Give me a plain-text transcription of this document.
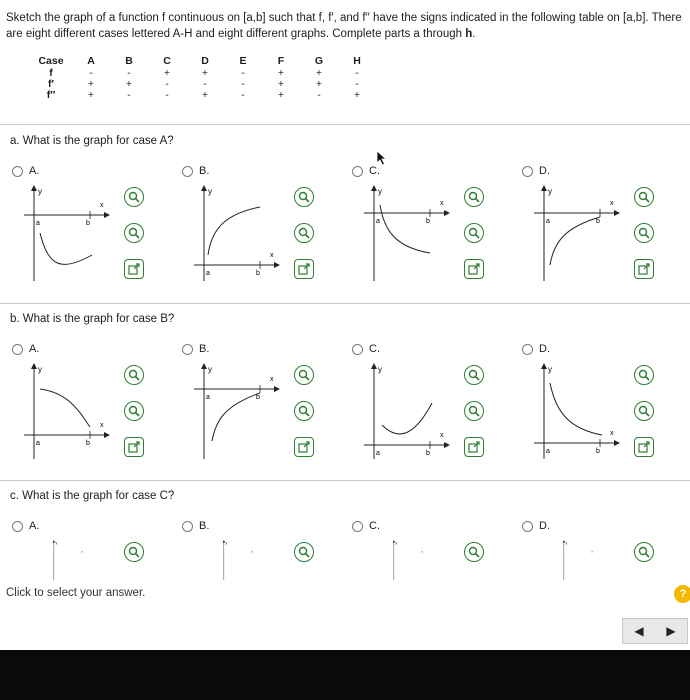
Sketch the graph of a function f continuous on [a,b] such that f, f′, and f′′ have the signs indicated in the following table on [a,b]. There are eight different cases lettered A-H and eight different graphs. Complete parts a through h.
Case	A	B	C	D	E	F	G	H
f	-	-	+	+	-	+	+	-
f′	+	+	-	-	-	+	+	-
f′′	+	-	-	+	-	+	-	+
a. What is the graph for case A?
A.
y
x
a	b
B.
y
x
a	b
C.
y
x
a	b
D.
y
x
a	b
b. What is the graph for case B?
A.
y
x
a	b
B.
y
x
a	b
C.
y
x
a	b
D.
y
x
a	b
c. What is the graph for case C?
A.
y
x
B.
y
x
C.
y
x
D.
y
x
Click to select your answer.	?
◀ ▶
